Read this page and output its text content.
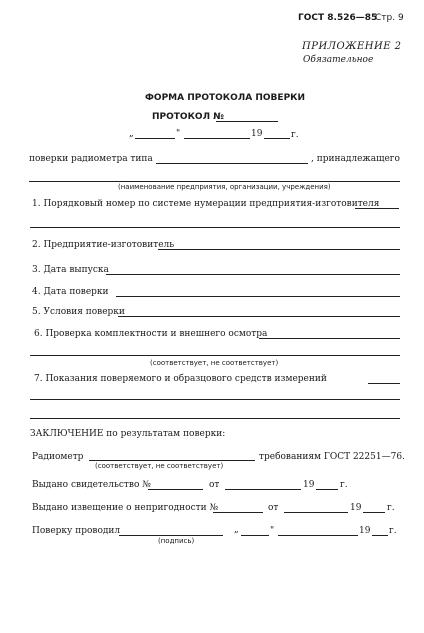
ГОСТ 8.526—85
Стр. 9
ПРИЛОЖЕНИЕ 2
Обязательное
ФОРМА ПРОТОКОЛА ПОВЕРКИ
ПРОТОКОЛ №
„	"	19	г.
поверки радиометра типа	, принадлежащего
(наименование предприятия, организации, учреждения)
1. Порядковый номер по системе нумерации предприятия-изготовителя
2. Предприятие-изготовитель
3. Дата выпуска
4. Дата поверки
5. Условия поверки
6. Проверка комплектности и внешнего осмотра
(соответствует, не соответствует)
7. Показания поверяемого и образцового средств измерений
ЗАКЛЮЧЕНИЕ по результатам поверки:
Радиометр
(соответствует, не соответствует)
требованиям ГОСТ 22251—76.
Выдано свидетельство №	от	19	г.
Выдано извещение о непригодности №	от	19	г.
Поверку проводил
(подпись)
„	"	19 г.
